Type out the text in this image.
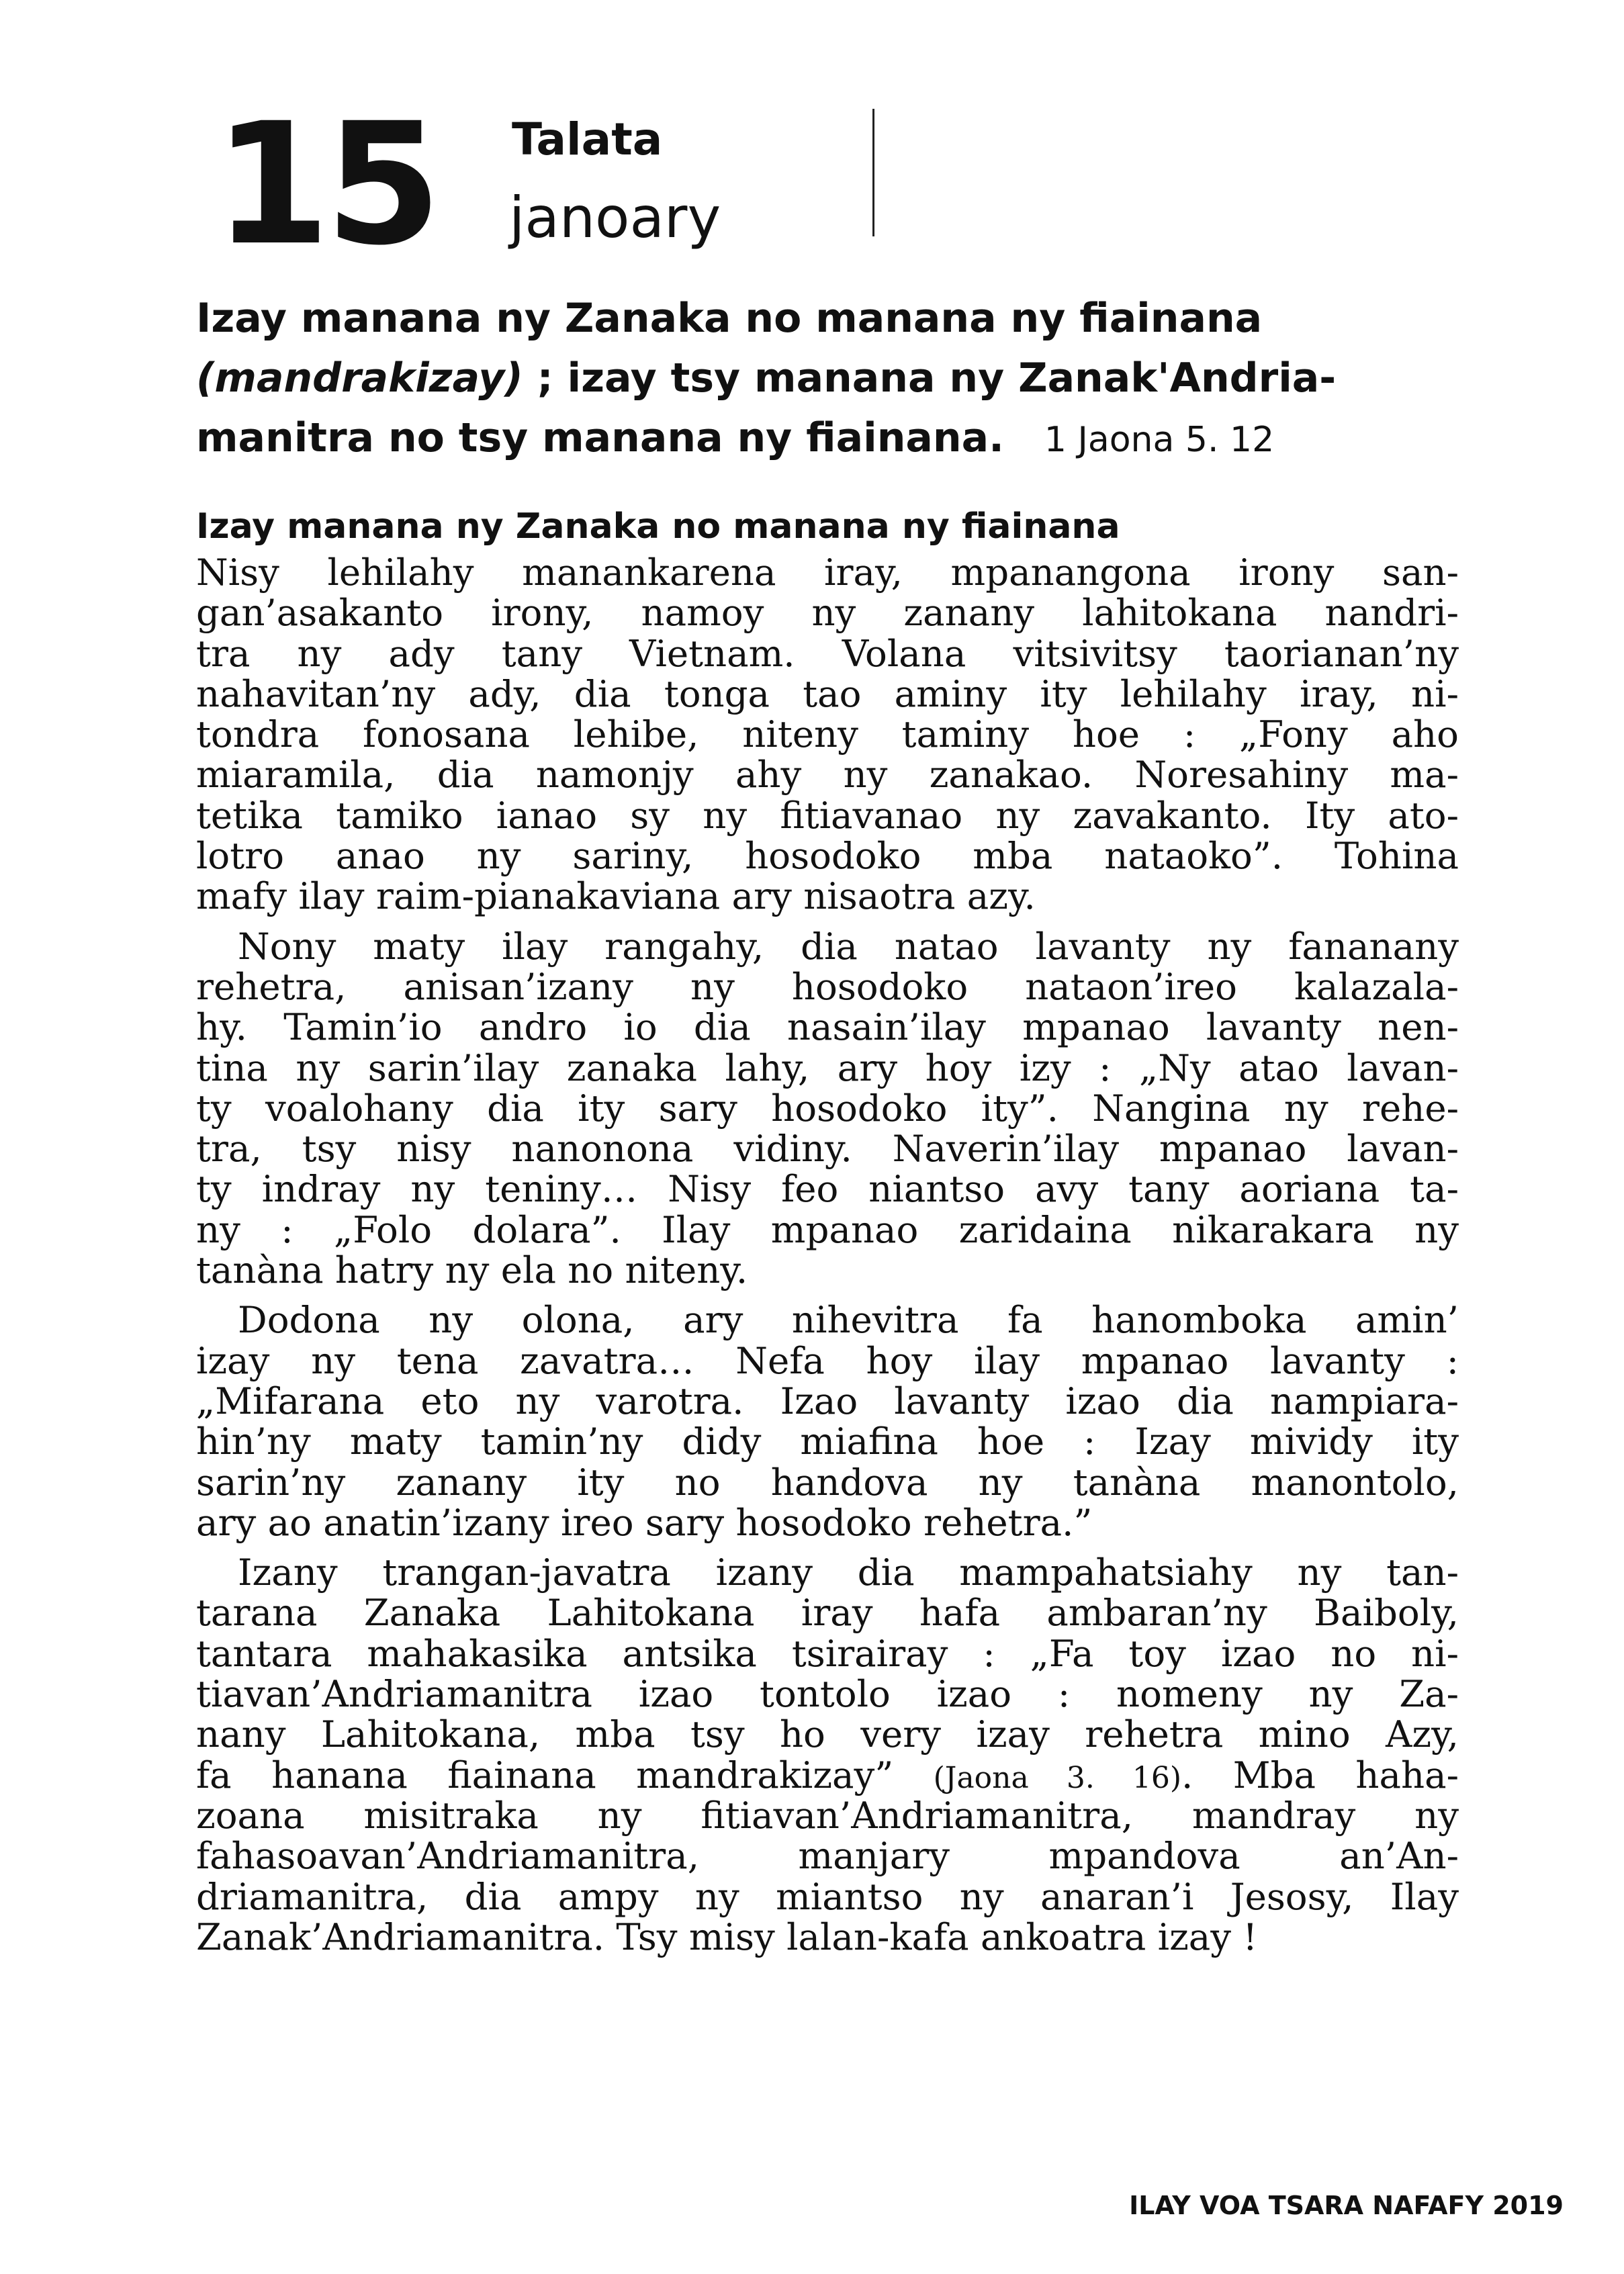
15 Talata
janoary
Izay manana ny Zanaka no manana ny fiainana
(mandrakizay) ; izay tsy manana ny Zanak'Andria-
manitra no tsy manana ny fiainana. 1 Jaona 5. 12
Izay manana ny Zanaka no manana ny fiainana
Nisy lehilahy manankarena iray, mpanangona irony san-
gan’asakanto irony, namoy ny zanany lahitokana nandri-
tra ny ady tany Vietnam. Volana vitsivitsy taorianan’ny
nahavitan’ny ady, dia tonga tao aminy ity lehilahy iray, ni-
tondra fonosana lehibe, niteny taminy hoe : „Fony aho
miaramila, dia namonjy ahy ny zanakao. Noresahiny ma-
tetika tamiko ianao sy ny fitiavanao ny zavakanto. Ity ato-
lotro anao ny sariny, hosodoko mba nataoko”. Tohina
mafy ilay raim-pianakaviana ary nisaotra azy.
Nony maty ilay rangahy, dia natao lavanty ny fananany
rehetra, anisan’izany ny hosodoko nataon’ireo kalazala-
hy. Tamin’io andro io dia nasain’ilay mpanao lavanty nen-
tina ny sarin’ilay zanaka lahy, ary hoy izy : „Ny atao lavan-
ty voalohany dia ity sary hosodoko ity”. Nangina ny rehe-
tra, tsy nisy nanonona vidiny. Naverin’ilay mpanao lavan-
ty indray ny teniny… Nisy feo niantso avy tany aoriana ta-
ny : „Folo dolara”. Ilay mpanao zaridaina nikarakara ny
tanàna hatry ny ela no niteny.
Dodona ny olona, ary nihevitra fa hanomboka amin’
izay ny tena zavatra… Nefa hoy ilay mpanao lavanty :
„Mifarana eto ny varotra. Izao lavanty izao dia nampiara-
hin’ny maty tamin’ny didy miafina hoe : Izay mividy ity
sarin’ny zanany ity no handova ny tanàna manontolo,
ary ao anatin’izany ireo sary hosodoko rehetra.”
Izany trangan-javatra izany dia mampahatsiahy ny tan-
tarana Zanaka Lahitokana iray hafa ambaran’ny Baiboly,
tantara mahakasika antsika tsirairay : „Fa toy izao no ni-
tiavan’Andriamanitra izao tontolo izao : nomeny ny Za-
nany Lahitokana, mba tsy ho very izay rehetra mino Azy,
fa hanana fiainana mandrakizay” (Jaona 3. 16). Mba haha-
zoana misitraka ny fitiavan’Andriamanitra, mandray ny
fahasoavan’Andriamanitra, manjary mpandova an’An-
driamanitra, dia ampy ny miantso ny anaran’i Jesosy, Ilay
Zanak’Andriamanitra. Tsy misy lalan-kafa ankoatra izay !
ILAY VOA TSARA NAFAFY 2019
